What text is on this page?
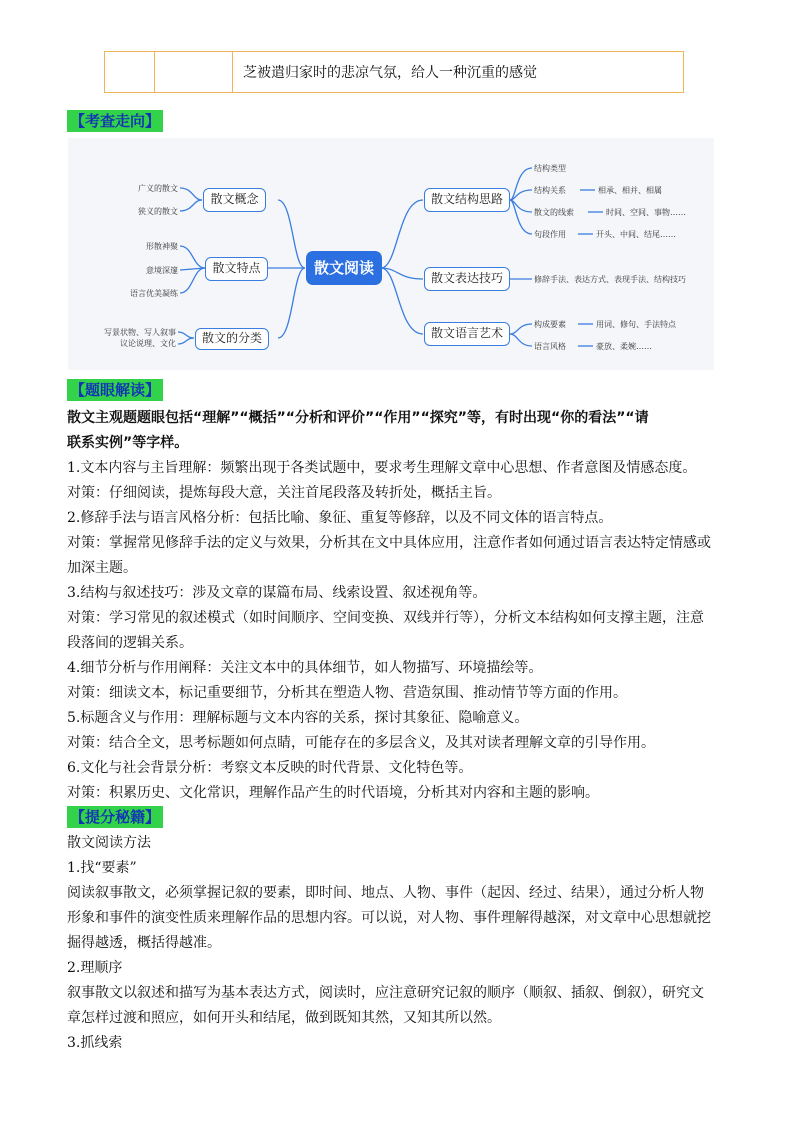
芝被遣归家时的悲凉气氛，给人一种沉重的感觉
【考查走向】
散文阅读
散文概念
散文特点
散文的分类
广义的散文
狭义的散文
形散神聚
意境深邃
语言优美凝练
写景状物、写人叙事
议论说理、文化
散文结构思路
散文表达技巧
散文语言艺术
结构类型
结构关系	相承、相并、相属
散文的线索	时间、空间、事物……
句段作用	开头、中间、结尾……
修辞手法、表达方式、表现手法、结构技巧
构成要素	用词、修句、手法特点
语言风格	豪放、柔婉……
【题眼解读】
散文主观题题眼包括“理解”“概括”“分析和评价”“作用”“探究”等，有时出现“你的看法”“请
联系实例”等字样。
1.文本内容与主旨理解：频繁出现于各类试题中，要求考生理解文章中心思想、作者意图及情感态度。
对策：仔细阅读，提炼每段大意，关注首尾段落及转折处，概括主旨。
2.修辞手法与语言风格分析：包括比喻、象征、重复等修辞，以及不同文体的语言特点。
对策：掌握常见修辞手法的定义与效果，分析其在文中具体应用，注意作者如何通过语言表达特定情感或
加深主题。
3.结构与叙述技巧：涉及文章的谋篇布局、线索设置、叙述视角等。
对策：学习常见的叙述模式（如时间顺序、空间变换、双线并行等），分析文本结构如何支撑主题，注意
段落间的逻辑关系。
4.细节分析与作用阐释：关注文本中的具体细节，如人物描写、环境描绘等。
对策：细读文本，标记重要细节，分析其在塑造人物、营造氛围、推动情节等方面的作用。
5.标题含义与作用：理解标题与文本内容的关系，探讨其象征、隐喻意义。
对策：结合全文，思考标题如何点睛，可能存在的多层含义，及其对读者理解文章的引导作用。
6.文化与社会背景分析：考察文本反映的时代背景、文化特色等。
对策：积累历史、文化常识，理解作品产生的时代语境，分析其对内容和主题的影响。
【提分秘籍】
散文阅读方法
1.找“要素”
阅读叙事散文，必须掌握记叙的要素，即时间、地点、人物、事件（起因、经过、结果），通过分析人物
形象和事件的演变性质来理解作品的思想内容。可以说，对人物、事件理解得越深，对文章中心思想就挖
掘得越透，概括得越准。
2.理顺序
叙事散文以叙述和描写为基本表达方式，阅读时，应注意研究记叙的顺序（顺叙、插叙、倒叙），研究文
章怎样过渡和照应，如何开头和结尾，做到既知其然，又知其所以然。
3.抓线索
